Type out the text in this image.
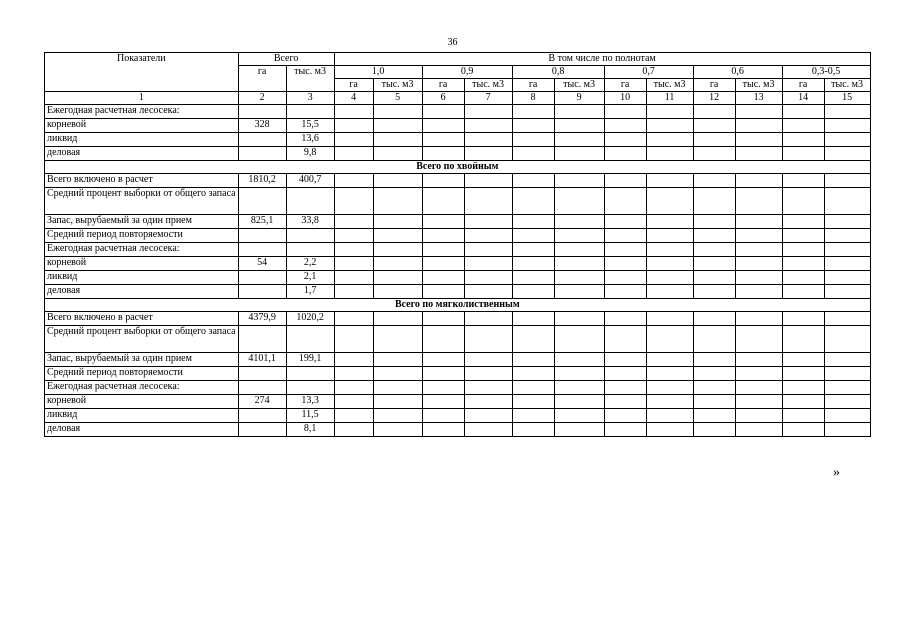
36
Показатели	Всего		В том числе по полнотам											
	га	тыс. м3	1,0		0,9		0,8		0,7		0,6		0,3-0,5	
			га	тыс. м3	га	тыс. м3	га	тыс. м3	га	тыс. м3	га	тыс. м3	га	тыс. м3
1	2	3	4	5	6	7	8	9	10	11	12	13	14	15
Ежегодная расчетная лесосека:														
корневой	328	15,5												
ликвид		13,6												
деловая		9,8												
Всего по хвойным														
Всего включено в расчет	1810,2	400,7												
Средний процент выборки от общего запаса														
Запас, вырубаемый за один прием	825,1	33,8												
Средний период повторяемости														
Ежегодная расчетная лесосека:														
корневой	54	2,2												
ликвид		2,1												
деловая		1,7												
Всего по мягколиственным														
Всего включено в расчет	4379,9	1020,2												
Средний процент выборки от общего запаса														
Запас, вырубаемый за один прием	4101,1	199,1												
Средний период повторяемости														
Ежегодная расчетная лесосека:														
корневой	274	13,3												
ликвид		11,5												
деловая		8,1												
»
